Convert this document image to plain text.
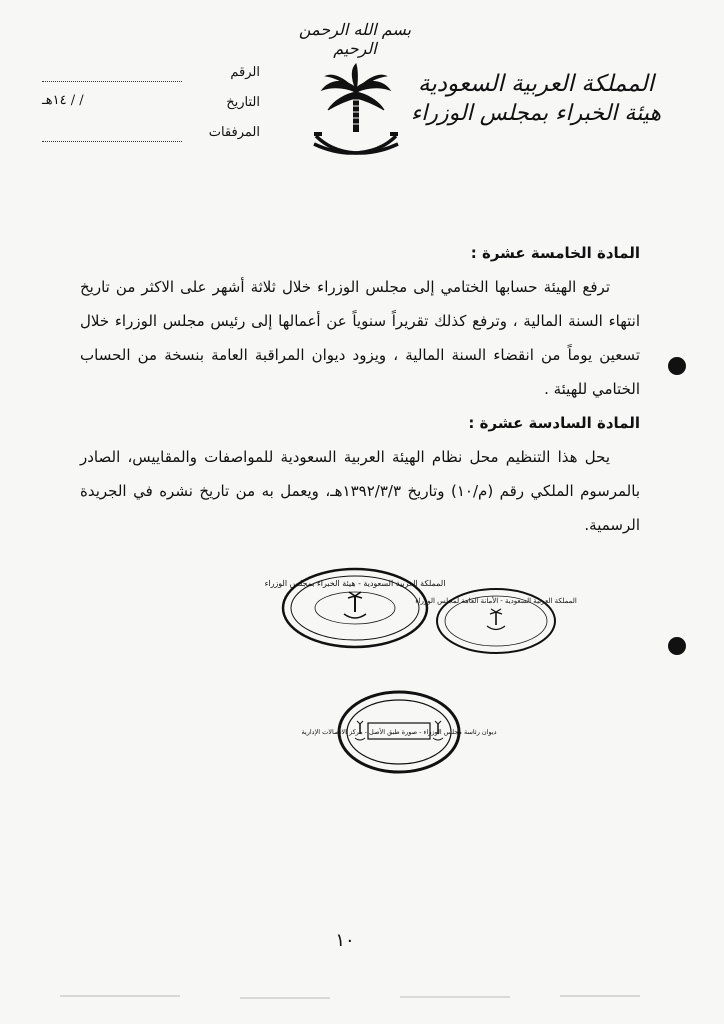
بسم الله الرحمن الرحيم
المملكة العربية السعودية
هيئة الخبراء بمجلس الوزراء
الرقم
التاريخ
/ / ١٤هـ
المرفقات

المادة الخامسة عشرة :

ترفع الهيئة حسابها الختامي إلى مجلس الوزراء خلال ثلاثة أشهر على الاكثر من تاريخ انتهاء السنة المالية ، وترفع كذلك تقريراً سنوياً عن أعمالها إلى رئيس مجلس الوزراء خلال تسعين يوماً من انقضاء السنة المالية ، ويزود ديوان المراقبة العامة بنسخة من الحساب الختامي للهيئة .

المادة السادسة عشرة :

يحل هذا التنظيم محل نظام الهيئة العربية السعودية للمواصفات والمقاييس، الصادر بالمرسوم الملكي رقم (م/١٠) وتاريخ ١٣٩٢/٣/٣هـ، ويعمل به من تاريخ نشره في الجريدة الرسمية.

المملكة العربية السعودية - هيئة الخبراء بمجلس الوزراء
المملكة العربية السعودية - الأمانة العامة لمجلس الوزراء
ديوان رئاسة مجلس الوزراء - صورة طبق الأصل - مركز الاتصالات الإدارية
١٠
